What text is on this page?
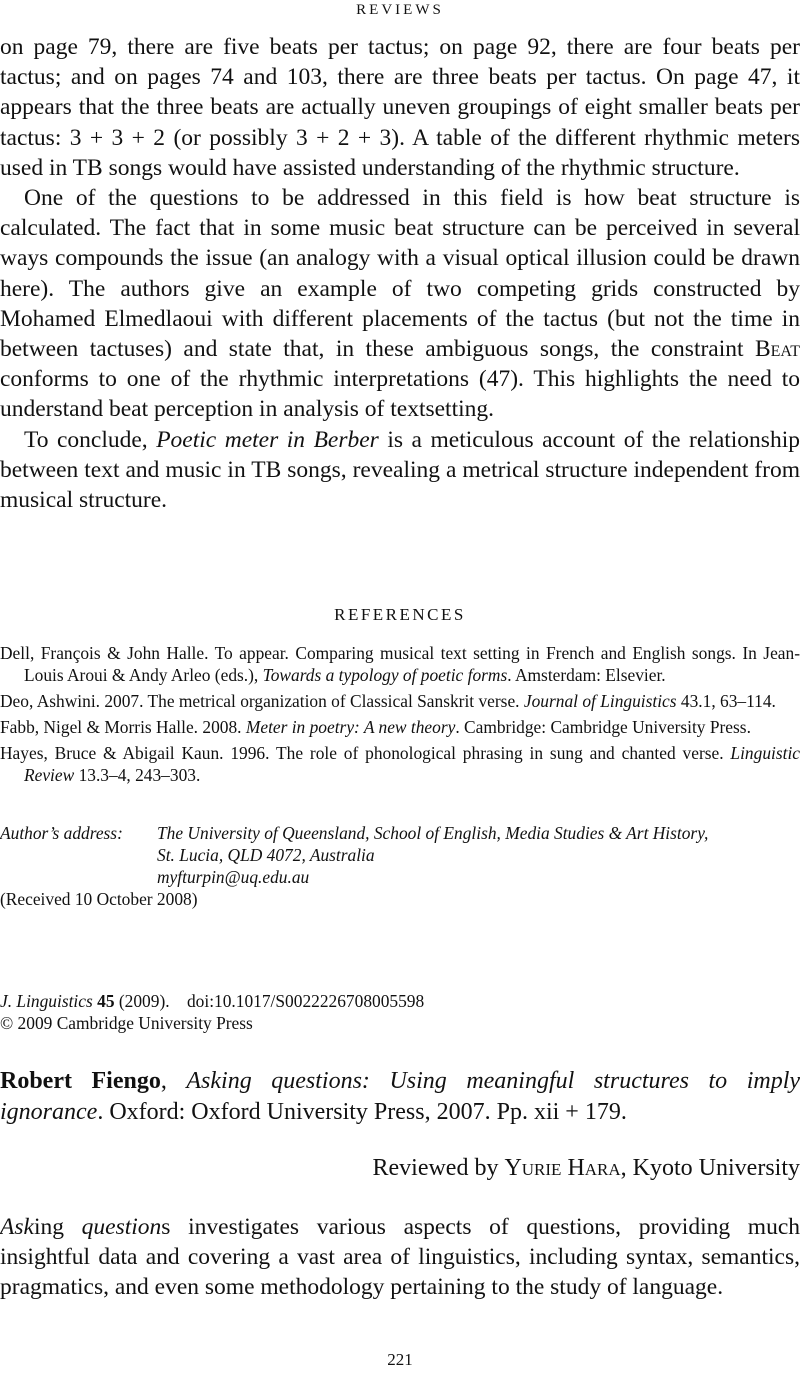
REVIEWS

on page 79, there are five beats per tactus; on page 92, there are four beats per tactus; and on pages 74 and 103, there are three beats per tactus. On page 47, it appears that the three beats are actually uneven groupings of eight smaller beats per tactus: 3 + 3 + 2 (or possibly 3 + 2 + 3). A table of the different rhythmic meters used in TB songs would have assisted understanding of the rhythmic structure.

One of the questions to be addressed in this field is how beat structure is calculated. The fact that in some music beat structure can be perceived in several ways compounds the issue (an analogy with a visual optical illusion could be drawn here). The authors give an example of two competing grids constructed by Mohamed Elmedlaoui with different placements of the tactus (but not the time in between tactuses) and state that, in these ambiguous songs, the constraint Beat conforms to one of the rhythmic interpretations (47). This highlights the need to understand beat perception in analysis of textsetting.

To conclude, Poetic meter in Berber is a meticulous account of the relationship between text and music in TB songs, revealing a metrical structure independent from musical structure.

REFERENCES

Dell, François & John Halle. To appear. Comparing musical text setting in French and English songs. In Jean-Louis Aroui & Andy Arleo (eds.), Towards a typology of poetic forms. Amsterdam: Elsevier.

Deo, Ashwini. 2007. The metrical organization of Classical Sanskrit verse. Journal of Linguistics 43.1, 63–114.

Fabb, Nigel & Morris Halle. 2008. Meter in poetry: A new theory. Cambridge: Cambridge University Press.

Hayes, Bruce & Abigail Kaun. 1996. The role of phonological phrasing in sung and chanted verse. Linguistic Review 13.3–4, 243–303.

Author’s address:	The University of Queensland, School of English, Media Studies & Art History,
St. Lucia, QLD 4072, Australia
myfturpin@uq.edu.au
(Received 10 October 2008)
J. Linguistics 45 (2009). doi:10.1017/S0022226708005598
© 2009 Cambridge University Press
Robert Fiengo, Asking questions: Using meaningful structures to imply ignorance. Oxford: Oxford University Press, 2007. Pp. xii + 179.
Reviewed by Yurie Hara, Kyoto University

Asking questions investigates various aspects of questions, providing much insightful data and covering a vast area of linguistics, including syntax, semantics, pragmatics, and even some methodology pertaining to the study of language.

221
